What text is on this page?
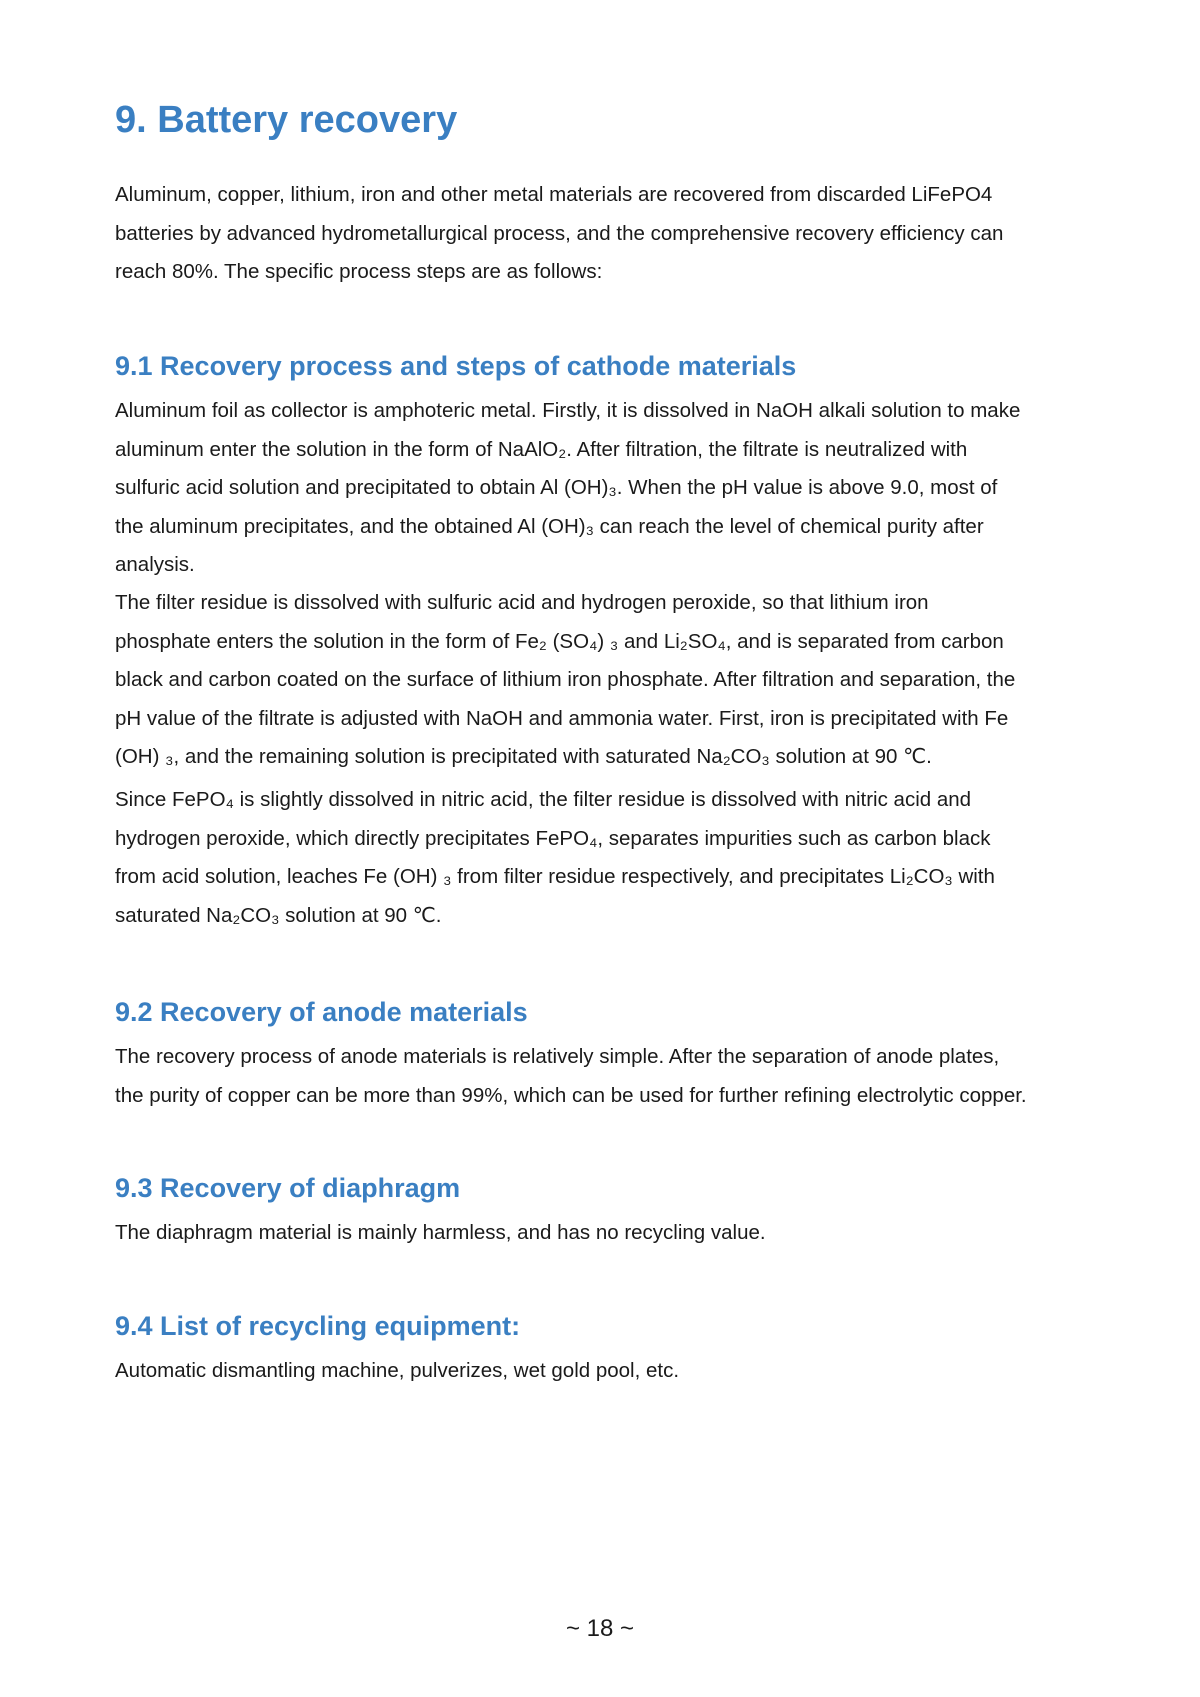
9. Battery recovery
Aluminum, copper, lithium, iron and other metal materials are recovered from discarded LiFePO4
batteries by advanced hydrometallurgical process, and the comprehensive recovery efficiency can
reach 80%. The specific process steps are as follows:
9.1 Recovery process and steps of cathode materials
Aluminum foil as collector is amphoteric metal. Firstly, it is dissolved in NaOH alkali solution to make
aluminum enter the solution in the form of NaAlO₂. After filtration, the filtrate is neutralized with
sulfuric acid solution and precipitated to obtain Al (OH)₃. When the pH value is above 9.0, most of
the aluminum precipitates, and the obtained Al (OH)₃ can reach the level of chemical purity after
analysis.
The filter residue is dissolved with sulfuric acid and hydrogen peroxide, so that lithium iron
phosphate enters the solution in the form of Fe₂ (SO₄) ₃ and Li₂SO₄, and is separated from carbon
black and carbon coated on the surface of lithium iron phosphate. After filtration and separation, the
pH value of the filtrate is adjusted with NaOH and ammonia water. First, iron is precipitated with Fe
(OH) ₃, and the remaining solution is precipitated with saturated Na₂CO₃ solution at 90 ℃.
Since FePO₄ is slightly dissolved in nitric acid, the filter residue is dissolved with nitric acid and
hydrogen peroxide, which directly precipitates FePO₄, separates impurities such as carbon black
from acid solution, leaches Fe (OH) ₃ from filter residue respectively, and precipitates Li₂CO₃ with
saturated Na₂CO₃ solution at 90 ℃.
9.2 Recovery of anode materials
The recovery process of anode materials is relatively simple. After the separation of anode plates,
the purity of copper can be more than 99%, which can be used for further refining electrolytic copper.
9.3 Recovery of diaphragm
The diaphragm material is mainly harmless, and has no recycling value.
9.4 List of recycling equipment:
Automatic dismantling machine, pulverizes, wet gold pool, etc.
~ 18 ~
